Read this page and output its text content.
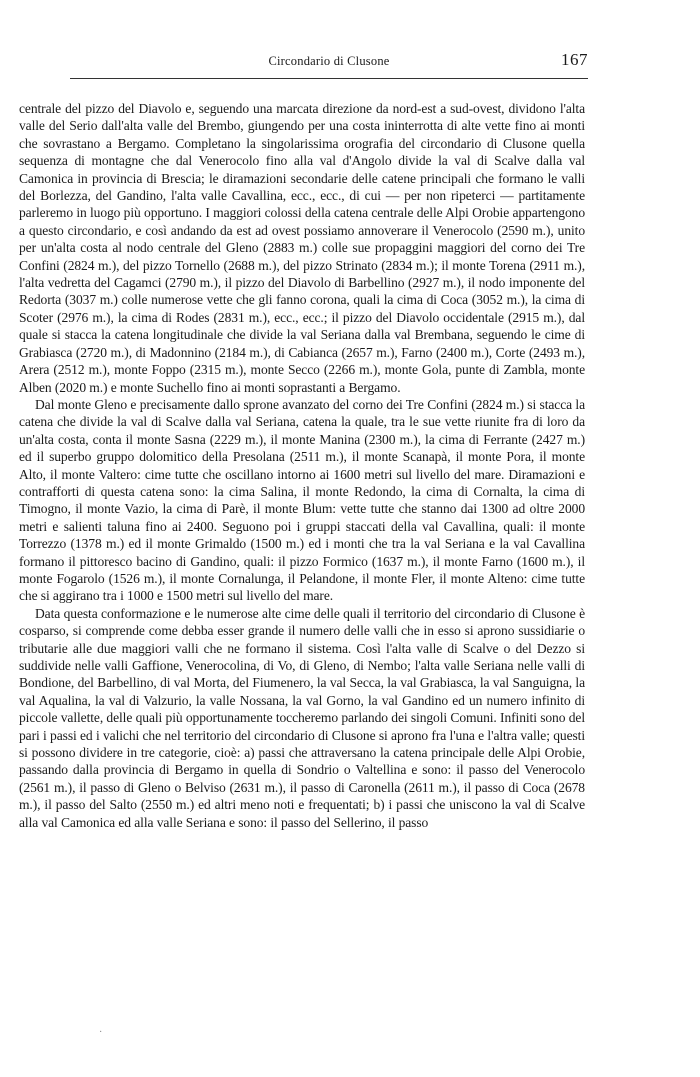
Circondario di Clusone	167

centrale del pizzo del Diavolo e, seguendo una marcata direzione da nord-est a sud-ovest, dividono l'alta valle del Serio dall'alta valle del Brembo, giungendo per una costa ininterrotta di alte vette fino ai monti che sovrastano a Bergamo. Completano la singolarissima orografia del circondario di Clusone quella sequenza di montagne che dal Venerocolo fino alla val d'Angolo divide la val di Scalve dalla val Camonica in provincia di Brescia; le diramazioni secondarie delle catene principali che formano le valli del Borlezza, del Gandino, l'alta valle Cavallina, ecc., ecc., di cui — per non ripeterci — partitamente parleremo in luogo più opportuno. I maggiori colossi della catena centrale delle Alpi Orobie appartengono a questo circondario, e così andando da est ad ovest possiamo annoverare il Venerocolo (2590 m.), unito per un'alta costa al nodo centrale del Gleno (2883 m.) colle sue propaggini maggiori del corno dei Tre Confini (2824 m.), del pizzo Tornello (2688 m.), del pizzo Strinato (2834 m.); il monte Torena (2911 m.), l'alta vedretta del Cagamci (2790 m.), il pizzo del Diavolo di Barbellino (2927 m.), il nodo imponente del Redorta (3037 m.) colle numerose vette che gli fanno corona, quali la cima di Coca (3052 m.), la cima di Scoter (2976 m.), la cima di Rodes (2831 m.), ecc., ecc.; il pizzo del Diavolo occidentale (2915 m.), dal quale si stacca la catena longitudinale che divide la val Seriana dalla val Brembana, seguendo le cime di Grabiasca (2720 m.), di Madonnino (2184 m.), di Cabianca (2657 m.), Farno (2400 m.), Corte (2493 m.), Arera (2512 m.), monte Foppo (2315 m.), monte Secco (2266 m.), monte Gola, punte di Zambla, monte Alben (2020 m.) e monte Suchello fino ai monti soprastanti a Bergamo.

Dal monte Gleno e precisamente dallo sprone avanzato del corno dei Tre Confini (2824 m.) si stacca la catena che divide la val di Scalve dalla val Seriana, catena la quale, tra le sue vette riunite fra di loro da un'alta costa, conta il monte Sasna (2229 m.), il monte Manina (2300 m.), la cima di Ferrante (2427 m.) ed il superbo gruppo dolomitico della Presolana (2511 m.), il monte Scanapà, il monte Pora, il monte Alto, il monte Valtero: cime tutte che oscillano intorno ai 1600 metri sul livello del mare. Diramazioni e contrafforti di questa catena sono: la cima Salina, il monte Redondo, la cima di Cornalta, la cima di Timogno, il monte Vazio, la cima di Parè, il monte Blum: vette tutte che stanno dai 1300 ad oltre 2000 metri e salienti taluna fino ai 2400. Seguono poi i gruppi staccati della val Cavallina, quali: il monte Torrezzo (1378 m.) ed il monte Grimaldo (1500 m.) ed i monti che tra la val Seriana e la val Cavallina formano il pittoresco bacino di Gandino, quali: il pizzo Formico (1637 m.), il monte Farno (1600 m.), il monte Fogarolo (1526 m.), il monte Cornalunga, il Pelandone, il monte Fler, il monte Alteno: cime tutte che si aggirano tra i 1000 e 1500 metri sul livello del mare.

Data questa conformazione e le numerose alte cime delle quali il territorio del circondario di Clusone è cosparso, si comprende come debba esser grande il numero delle valli che in esso si aprono sussidiarie o tributarie alle due maggiori valli che ne formano il sistema. Così l'alta valle di Scalve o del Dezzo si suddivide nelle valli Gaffione, Venerocolina, di Vo, di Gleno, di Nembo; l'alta valle Seriana nelle valli di Bondione, del Barbellino, di val Morta, del Fiumenero, la val Secca, la val Grabiasca, la val Sanguigna, la val Aqualina, la val di Valzurio, la valle Nossana, la val Gorno, la val Gandino ed un numero infinito di piccole vallette, delle quali più opportunamente toccheremo parlando dei singoli Comuni. Infiniti sono del pari i passi ed i valichi che nel territorio del circondario di Clusone si aprono fra l'una e l'altra valle; questi si possono dividere in tre categorie, cioè: a) passi che attraversano la catena principale delle Alpi Orobie, passando dalla provincia di Bergamo in quella di Sondrio o Valtellina e sono: il passo del Venerocolo (2561 m.), il passo di Gleno o Belviso (2631 m.), il passo di Caronella (2611 m.), il passo di Coca (2678 m.), il passo del Salto (2550 m.) ed altri meno noti e frequentati; b) i passi che uniscono la val di Scalve alla val Camonica ed alla valle Seriana e sono: il passo del Sellerino, il passo

·
